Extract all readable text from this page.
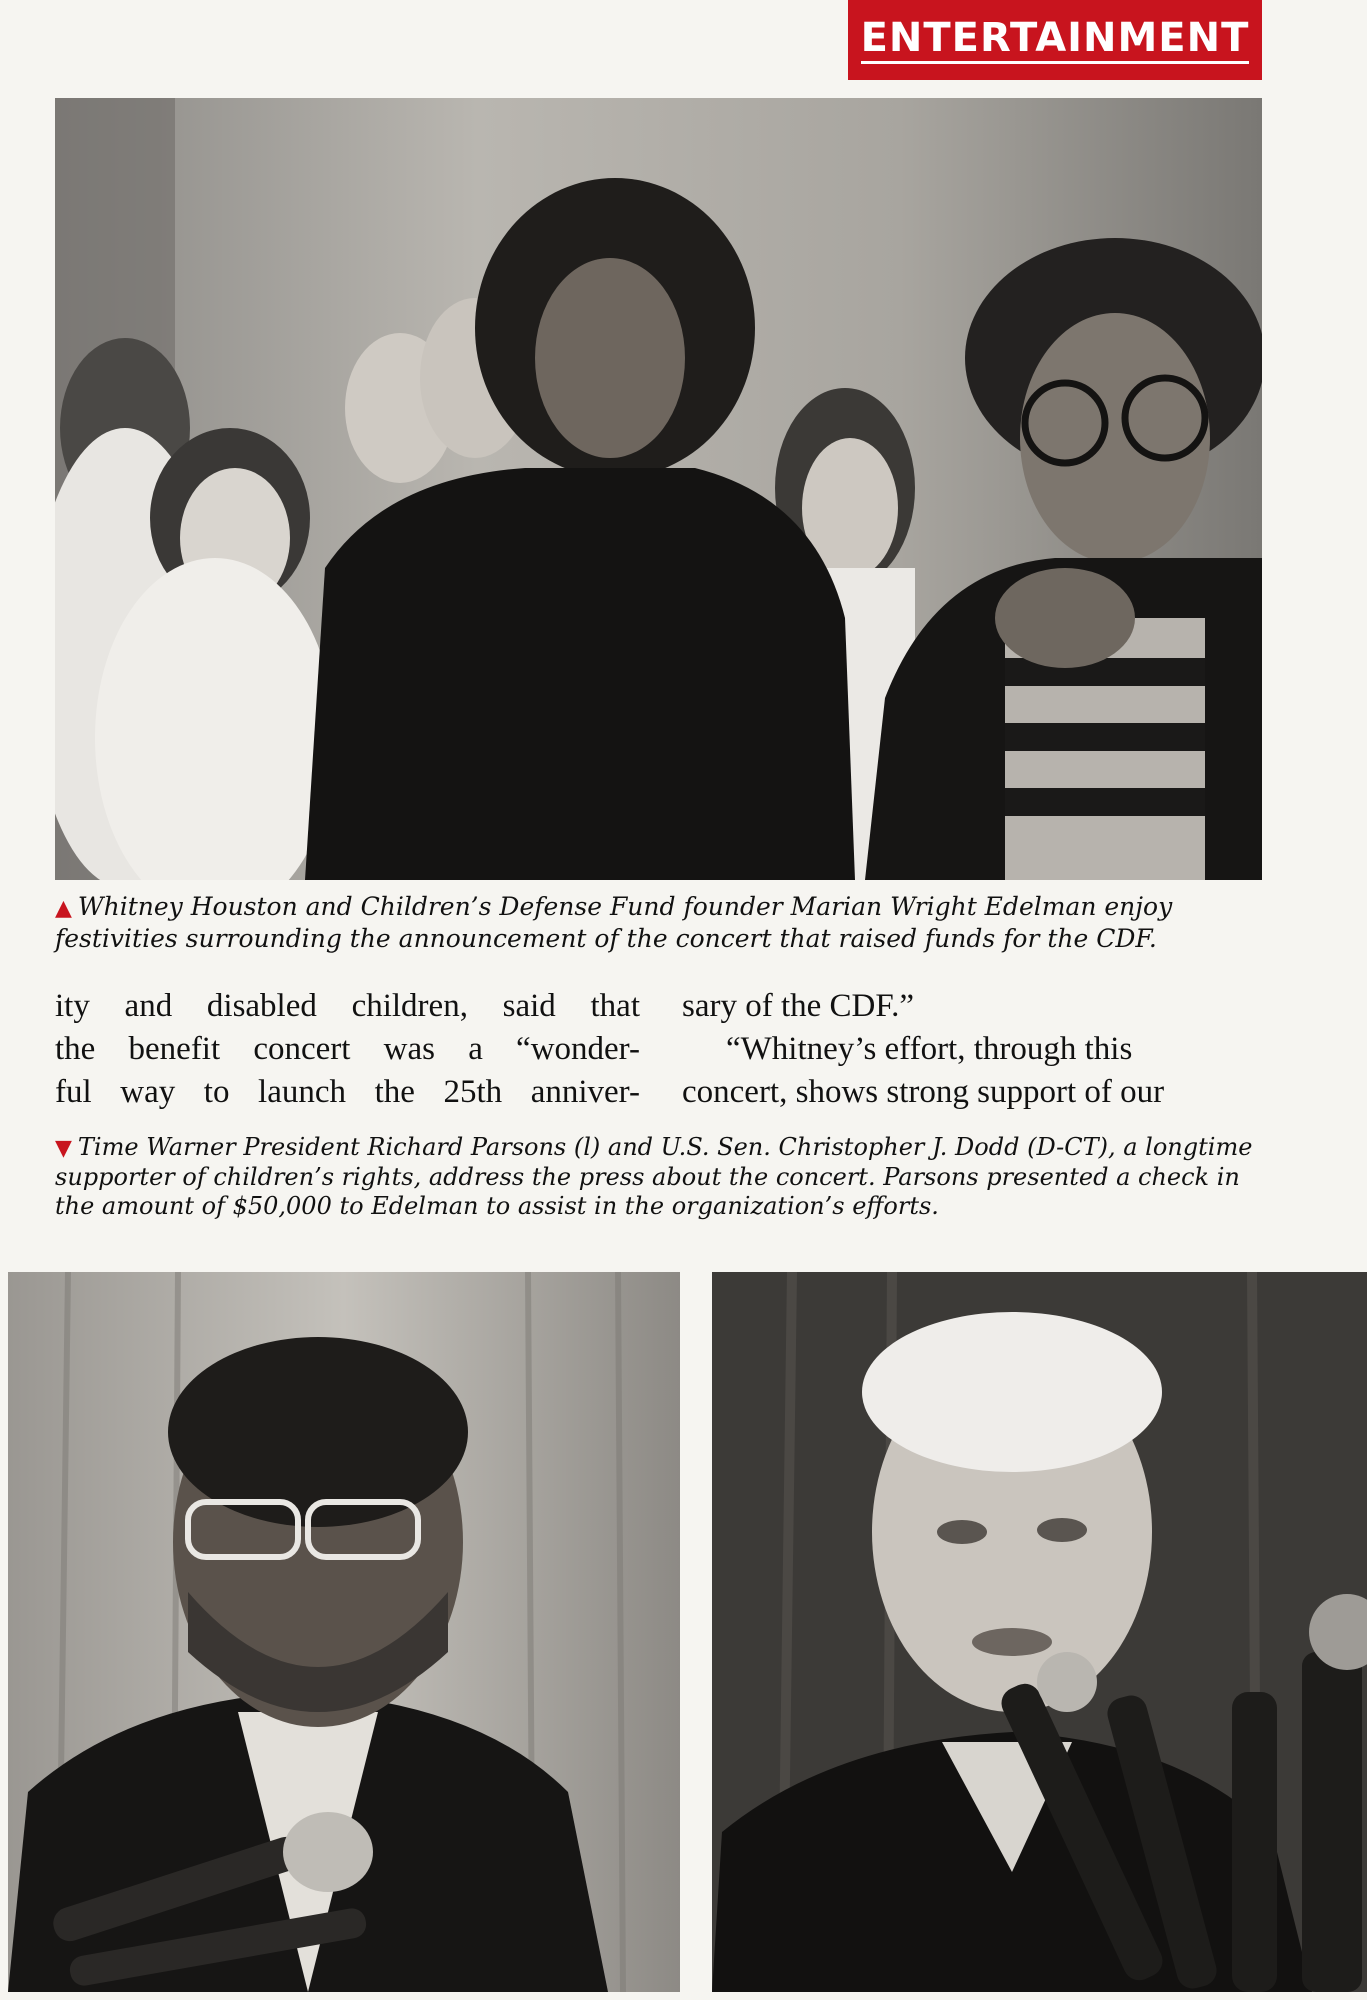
ENTERTAINMENT
▲ Whitney Houston and Children’s Defense Fund founder Marian Wright Edelman enjoy festivities surrounding the announcement of the concert that raised funds for the CDF.
ity and disabled children, said that
the benefit concert was a “wonder-
ful way to launch the 25th anniver-
sary of the CDF.”
“Whitney’s effort, through this
concert, shows strong support of our
▼ Time Warner President Richard Parsons (l) and U.S. Sen. Christopher J. Dodd (D-CT), a longtime supporter of children’s rights, address the press about the concert. Parsons presented a check in the amount of $50,000 to Edelman to assist in the organization’s efforts.
